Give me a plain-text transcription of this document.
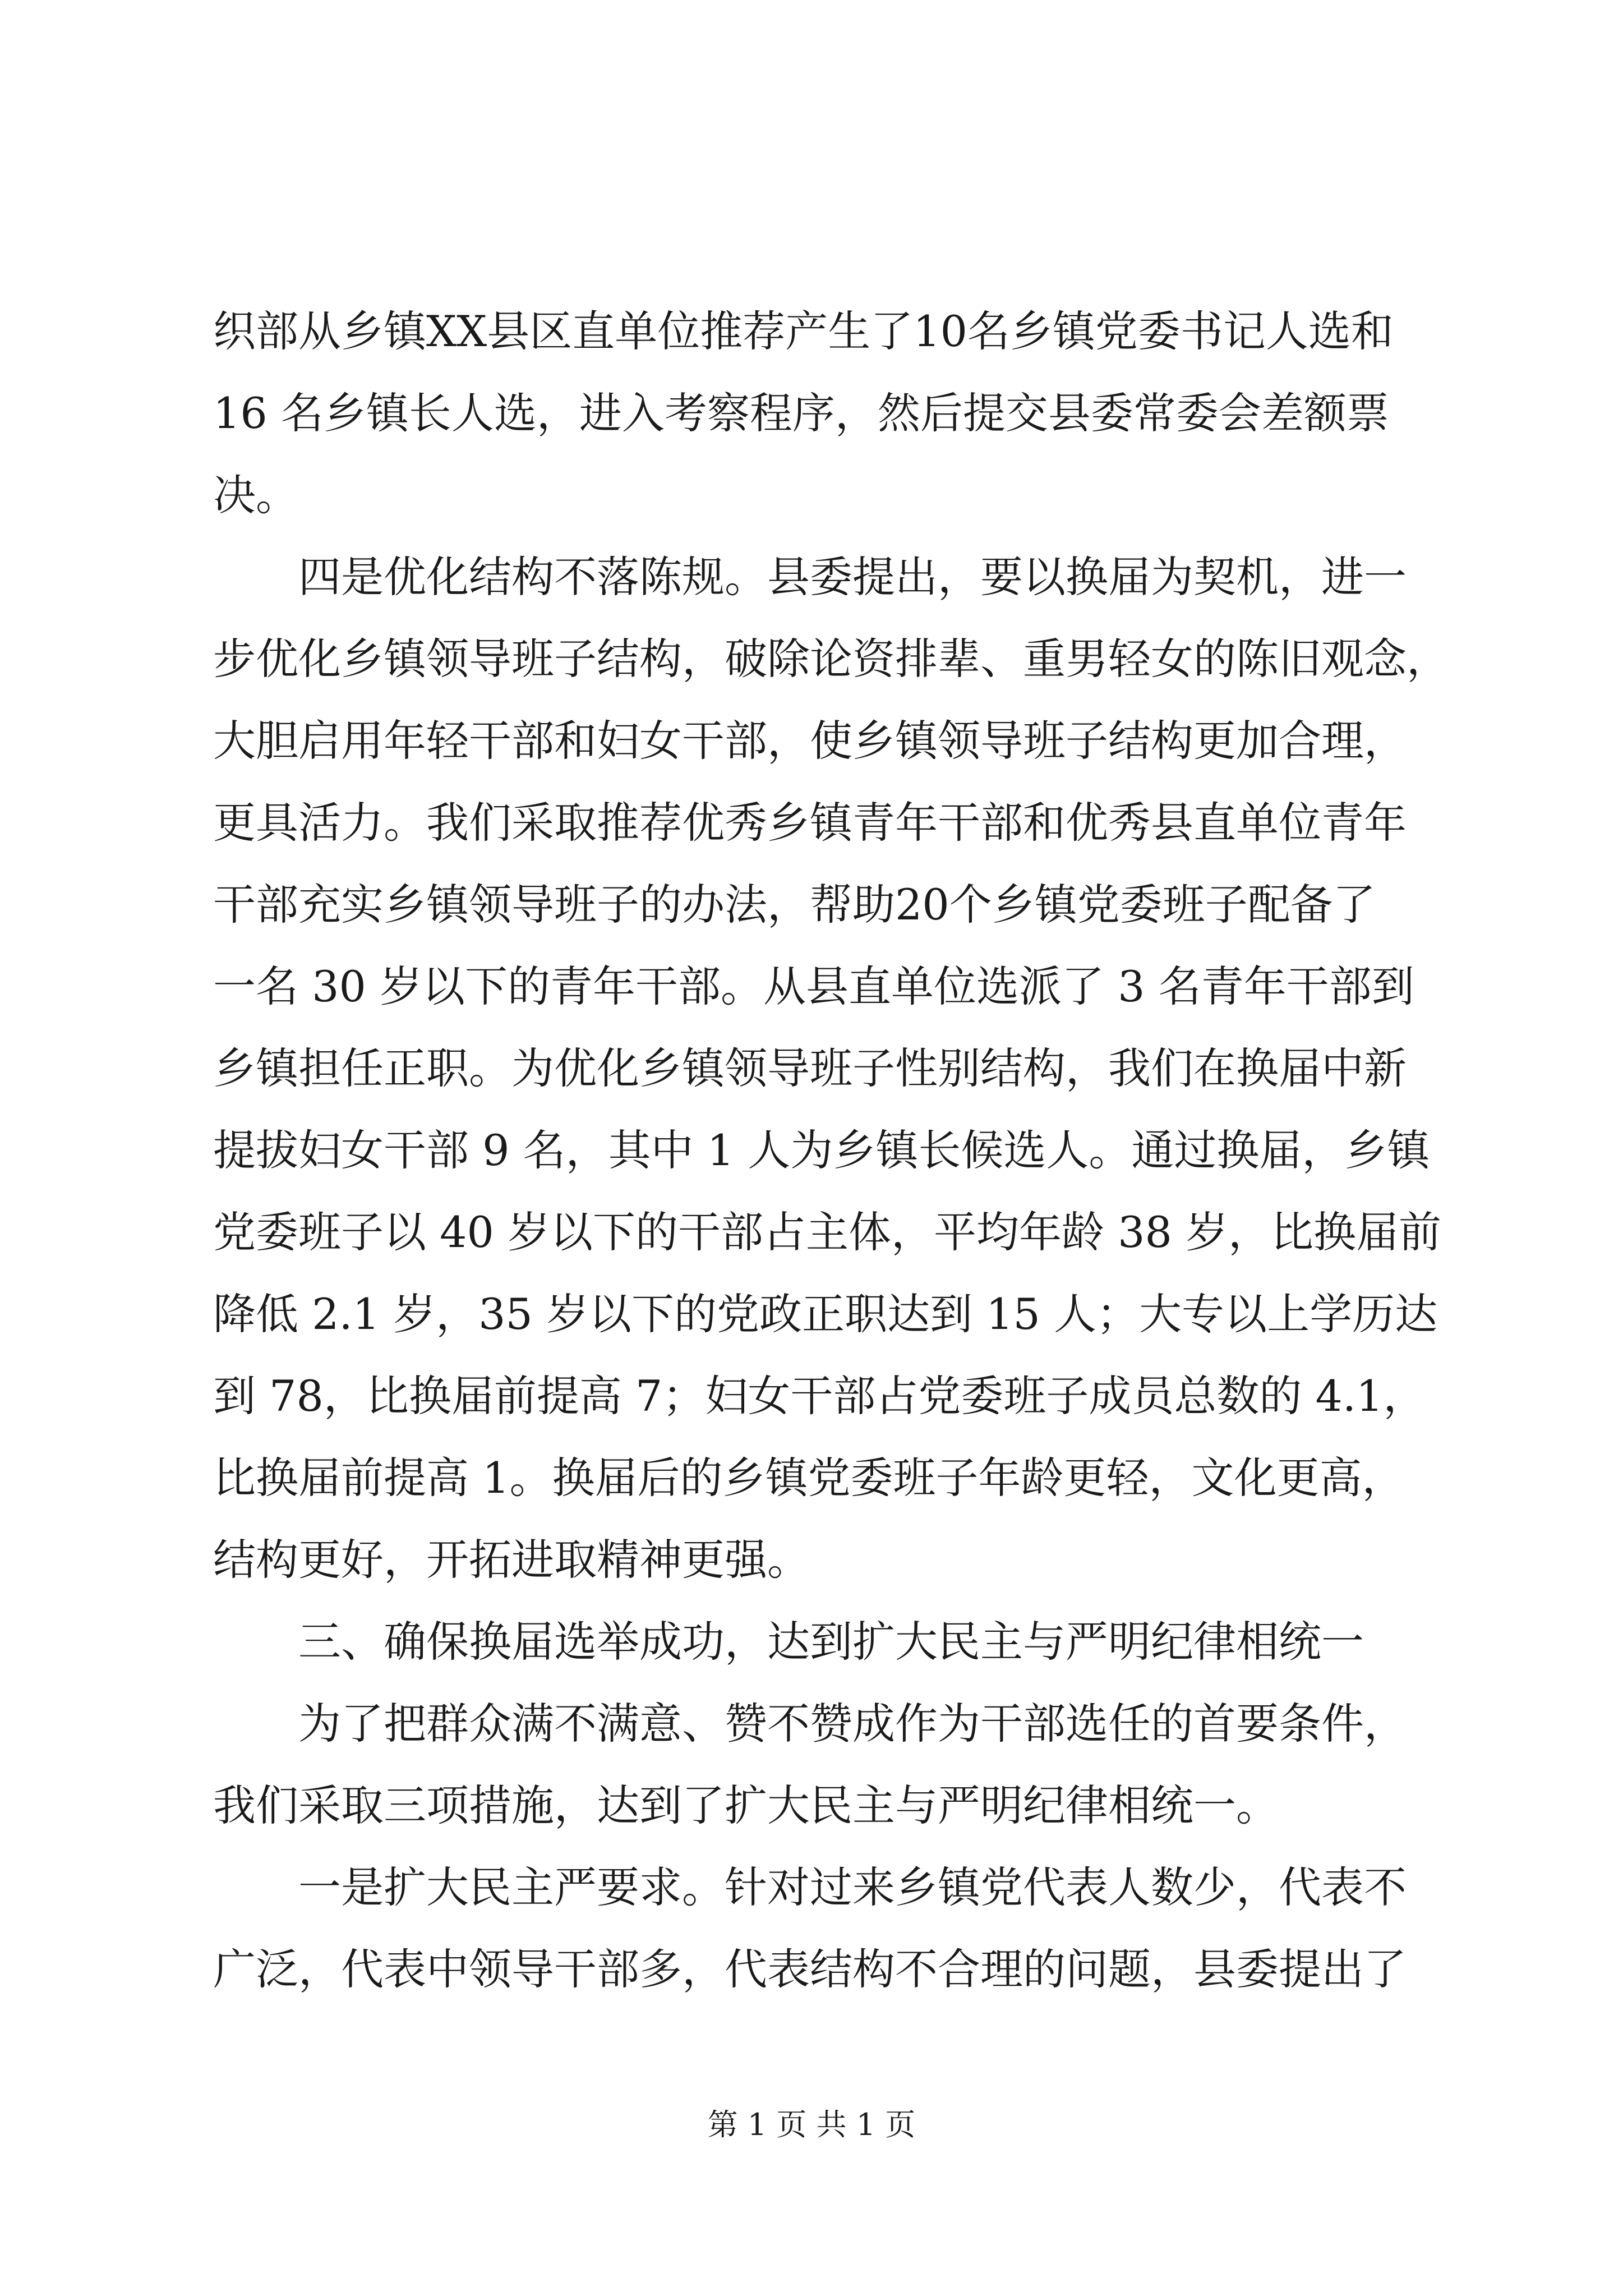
织部从乡镇XX县区直单位推荐产生了10名乡镇党委书记人选和
16 名乡镇长人选，进入考察程序，然后提交县委常委会差额票
决。
四是优化结构不落陈规。县委提出，要以换届为契机，进一
步优化乡镇领导班子结构，破除论资排辈、重男轻女的陈旧观念，
大胆启用年轻干部和妇女干部，使乡镇领导班子结构更加合理，
更具活力。我们采取推荐优秀乡镇青年干部和优秀县直单位青年
干部充实乡镇领导班子的办法，帮助20个乡镇党委班子配备了
一名 30 岁以下的青年干部。从县直单位选派了 3 名青年干部到
乡镇担任正职。为优化乡镇领导班子性别结构，我们在换届中新
提拔妇女干部 9 名，其中 1 人为乡镇长候选人。通过换届，乡镇
党委班子以 40 岁以下的干部占主体，平均年龄 38 岁，比换届前
降低 2.1 岁，35 岁以下的党政正职达到 15 人；大专以上学历达
到 78，比换届前提高 7；妇女干部占党委班子成员总数的 4.1，
比换届前提高 1。换届后的乡镇党委班子年龄更轻，文化更高，
结构更好，开拓进取精神更强。
三、确保换届选举成功，达到扩大民主与严明纪律相统一
为了把群众满不满意、赞不赞成作为干部选任的首要条件，
我们采取三项措施，达到了扩大民主与严明纪律相统一。
一是扩大民主严要求。针对过来乡镇党代表人数少，代表不
广泛，代表中领导干部多，代表结构不合理的问题，县委提出了
第 1 页 共 1 页
